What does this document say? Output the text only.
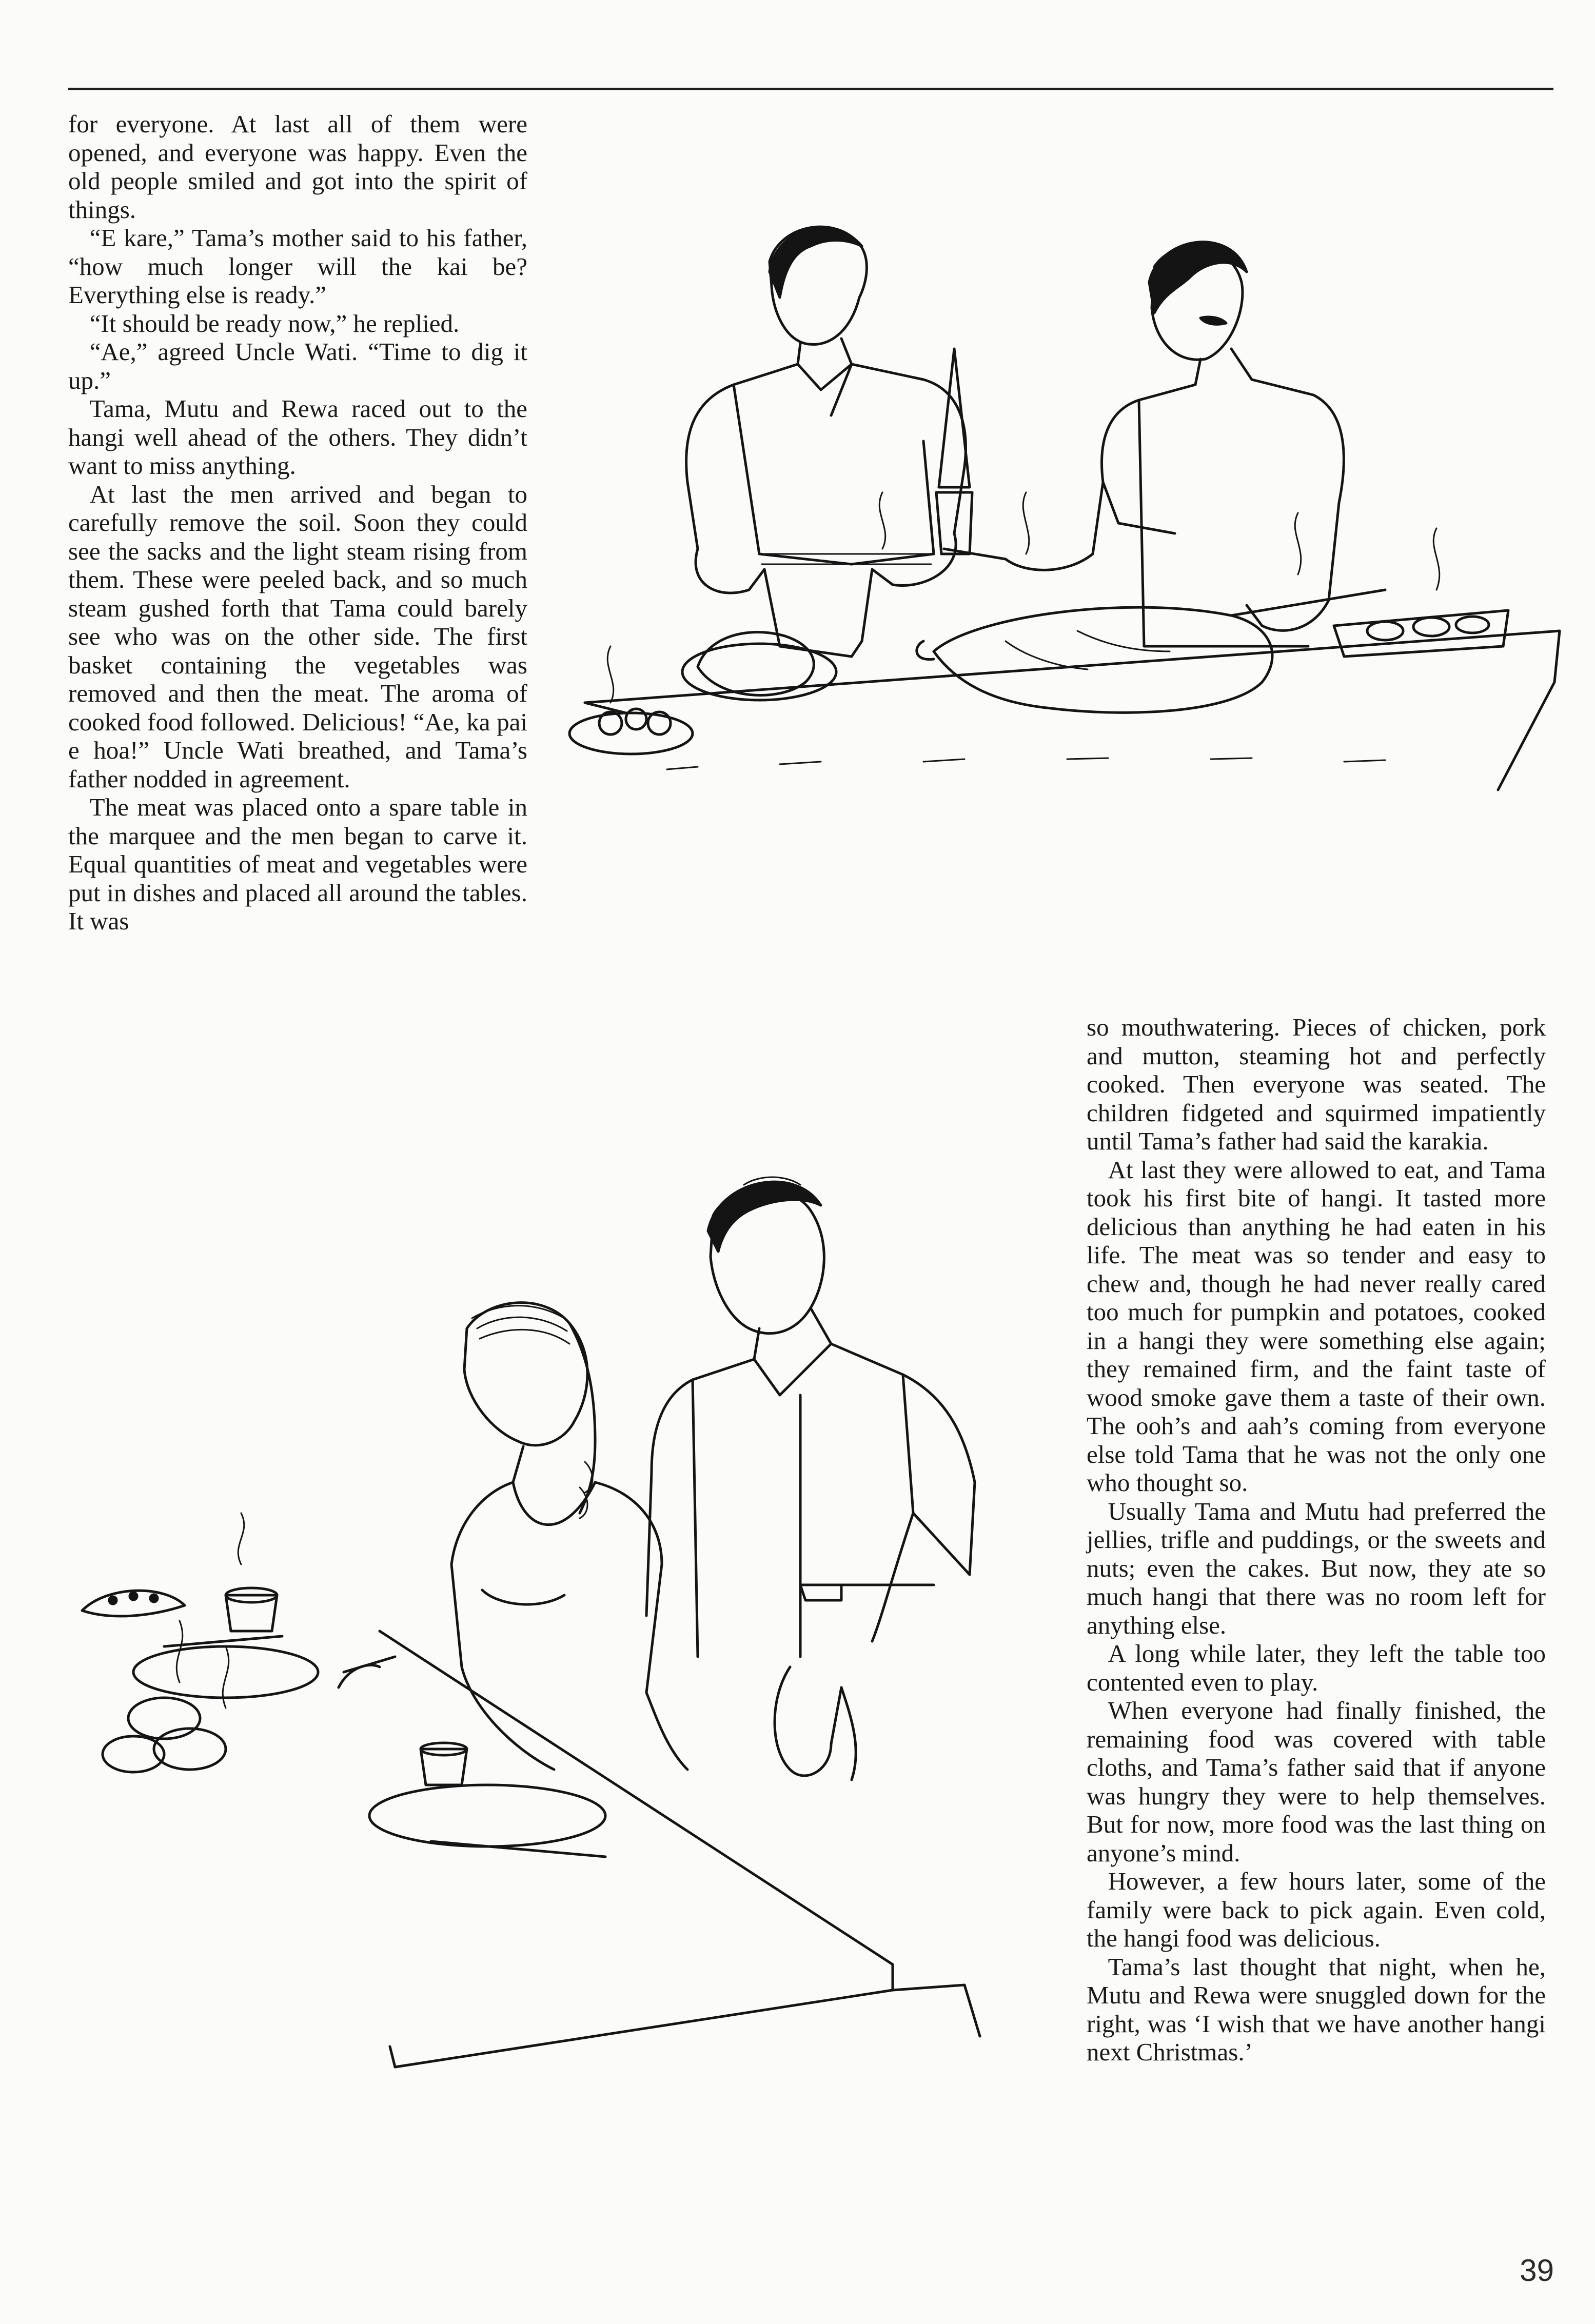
for everyone. At last all of them were opened, and everyone was happy. Even the old people smiled and got into the spirit of things.

“E kare,” Tama’s mother said to his father, “how much longer will the kai be? Everything else is ready.”

“It should be ready now,” he replied.

“Ae,” agreed Uncle Wati. “Time to dig it up.”

Tama, Mutu and Rewa raced out to the hangi well ahead of the others. They didn’t want to miss anything.

At last the men arrived and began to carefully remove the soil. Soon they could see the sacks and the light steam rising from them. These were peeled back, and so much steam gushed forth that Tama could barely see who was on the other side. The first basket containing the vegetables was removed and then the meat. The aroma of cooked food followed. Delicious! “Ae, ka pai e hoa!” Uncle Wati breathed, and Tama’s father nodded in agreement.

The meat was placed onto a spare table in the marquee and the men began to carve it. Equal quantities of meat and vegetables were put in dishes and placed all around the tables. It was

so mouthwatering. Pieces of chicken, pork and mutton, steaming hot and perfectly cooked. Then everyone was seated. The children fidgeted and squirmed impatiently until Tama’s father had said the karakia.

At last they were allowed to eat, and Tama took his first bite of hangi. It tasted more delicious than anything he had eaten in his life. The meat was so tender and easy to chew and, though he had never really cared too much for pumpkin and potatoes, cooked in a hangi they were something else again; they remained firm, and the faint taste of wood smoke gave them a taste of their own. The ooh’s and aah’s coming from everyone else told Tama that he was not the only one who thought so.

Usually Tama and Mutu had preferred the jellies, trifle and puddings, or the sweets and nuts; even the cakes. But now, they ate so much hangi that there was no room left for anything else.

A long while later, they left the table too contented even to play.

When everyone had finally finished, the remaining food was covered with table cloths, and Tama’s father said that if anyone was hungry they were to help themselves. But for now, more food was the last thing on anyone’s mind.

However, a few hours later, some of the family were back to pick again. Even cold, the hangi food was delicious.

Tama’s last thought that night, when he, Mutu and Rewa were snuggled down for the right, was ‘I wish that we have another hangi next Christmas.’

39
